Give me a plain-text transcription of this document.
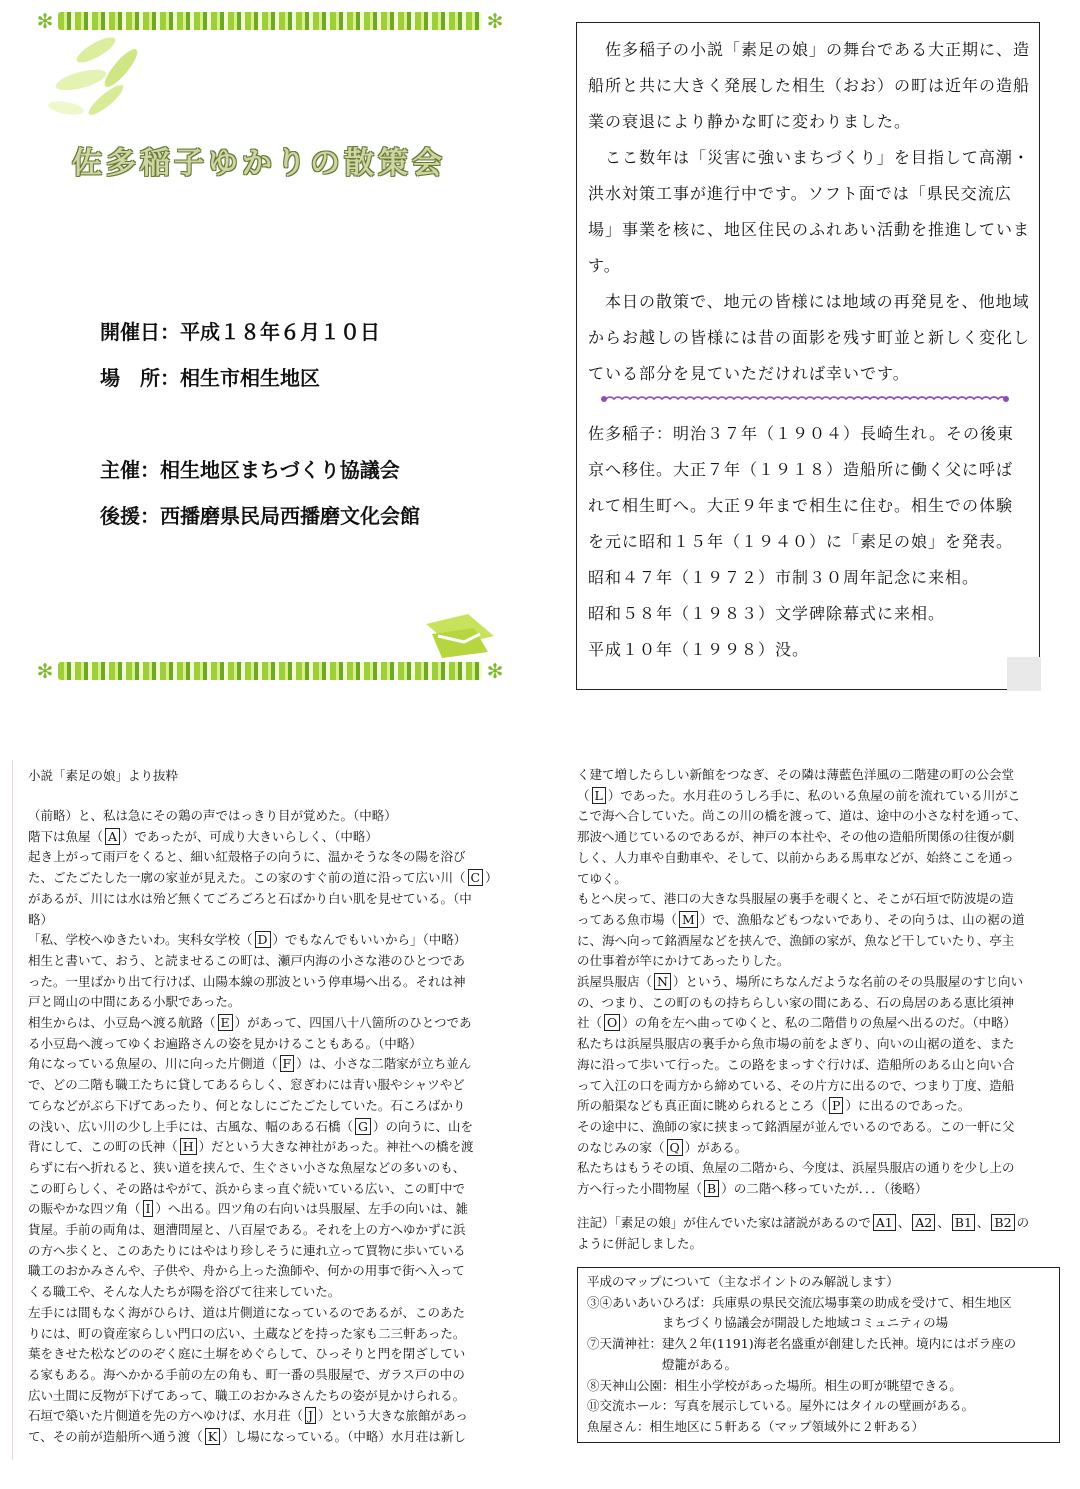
✻	✻
佐多稲子ゆかりの散策会
開催日：平成１８年６月１０日
場　所：相生市相生地区
主催：相生地区まちづくり協議会
後援：西播磨県民局西播磨文化会館
✻	✻
　佐多稲子の小説「素足の娘」の舞台である大正期に、造船所と共に大きく発展した相生（おお）の町は近年の造船業の衰退により静かな町に変わりました。
　ここ数年は「災害に強いまちづくり」を目指して高潮・洪水対策工事が進行中です。ソフト面では「県民交流広場」事業を核に、地区住民のふれあい活動を推進しています。
　本日の散策で、地元の皆様には地域の再発見を、他地域からお越しの皆様には昔の面影を残す町並と新しく変化している部分を見ていただければ幸いです。
佐多稲子：明治３７年（１９０４）長崎生れ。その後東
京へ移住。大正７年（１９１８）造船所に働く父に呼ば
れて相生町へ。大正９年まで相生に住む。相生での体験
を元に昭和１５年（１９４０）に「素足の娘」を発表。
昭和４７年（１９７２）市制３０周年記念に来相。
昭和５８年（１９８３）文学碑除幕式に来相。
平成１０年（１９９８）没。
小説「素足の娘」より抜粋
（前略）と、私は急にその鶏の声ではっきり目が覚めた。（中略）
階下は魚屋（ A ）であったが、可成り大きいらしく、（中略）
起き上がって雨戸をくると、細い紅殻格子の向うに、温かそうな冬の陽を浴び
た、ごたごたした一廓の家並が見えた。この家のすぐ前の道に沿って広い川（ C ）
があるが、川には水は殆ど無くてごろごろと石ばかり白い肌を見せている。（中
略）
「私、学校へゆきたいわ。実科女学校（ D ）でもなんでもいいから」（中略）
相生と書いて、おう、と読ませるこの町は、瀬戸内海の小さな港のひとつであ
った。一里ばかり出て行けば、山陽本線の那波という停車場へ出る。それは神
戸と岡山の中間にある小駅であった。
相生からは、小豆島へ渡る航路（ E ）があって、四国八十八箇所のひとつであ
る小豆島へ渡ってゆくお遍路さんの姿を見かけることもある。（中略）
角になっている魚屋の、川に向った片側道（ F ）は、小さな二階家が立ち並ん
で、どの二階も職工たちに貸してあるらしく、窓ぎわには青い服やシャツやど
てらなどがぶら下げてあったり、何となしにごたごたしていた。石ころばかり
の浅い、広い川の少し上手には、古風な、幅のある石橋（ G ）の向うに、山を
背にして、この町の氏神（ H ）だという大きな神社があった。神社への橋を渡
らずに右へ折れると、狭い道を挟んで、生ぐさい小さな魚屋などの多いのも、
この町らしく、その路はやがて、浜からまっ直ぐ続いている広い、この町中で
の賑やかな四ツ角（ I ）へ出る。四ツ角の右向いは呉服屋、左手の向いは、雑
貨屋。手前の両角は、廻漕問屋と、八百屋である。それを上の方へゆかずに浜
の方へ歩くと、このあたりにはやはり珍しそうに連れ立って買物に歩いている
職工のおかみさんや、子供や、舟から上った漁師や、何かの用事で街へ入って
くる職工や、そんな人たちが陽を浴びて往来していた。
左手には間もなく海がひらけ、道は片側道になっているのであるが、このあた
りには、町の資産家らしい門口の広い、土蔵などを持った家も二三軒あった。
葉をきせた松などののぞく庭に土塀をめぐらして、ひっそりと門を閉ざしてい
る家もある。海へかかる手前の左の角も、町一番の呉服屋で、ガラス戸の中の
広い土間に反物が下げてあって、職工のおかみさんたちの姿が見かけられる。
石垣で築いた片側道を先の方へゆけば、水月荘（ J ）という大きな旅館があっ
て、その前が造船所へ通う渡（ K ）し場になっている。（中略）水月荘は新し
く建て増したらしい新館をつなぎ、その隣は薄藍色洋風の二階建の町の公会堂
（ L ）であった。水月荘のうしろ手に、私のいる魚屋の前を流れている川がこ
こで海へ合していた。尚この川の橋を渡って、道は、途中の小さな村を通って、
那波へ通じているのであるが、神戸の本社や、その他の造船所関係の往復が劇
しく、人力車や自動車や、そして、以前からある馬車などが、始終ここを通っ
てゆく。
もとへ戻って、港口の大きな呉服屋の裏手を覗くと、そこが石垣で防波堤の造
ってある魚市場（ M ）で、漁船などもつないであり、その向うは、山の裾の道
に、海へ向って銘酒屋などを挟んで、漁師の家が、魚など干していたり、亭主
の仕事着が竿にかけてあったりした。
浜屋呉服店（ N ）という、場所にちなんだような名前のその呉服屋のすじ向い
の、つまり、この町のもの持ちらしい家の間にある、石の鳥居のある恵比須神
社（ O ）の角を左へ曲ってゆくと、私の二階借りの魚屋へ出るのだ。（中略）
私たちは浜屋呉服店の裏手から魚市場の前をよぎり、向いの山裾の道を、また
海に沿って歩いて行った。この路をまっすぐ行けば、造船所のある山と向い合
って入江の口を両方から締めている、その片方に出るので、つまり丁度、造船
所の船渠なども真正面に眺められるところ（ P ）に出るのであった。
その途中に、漁師の家に挟まって銘酒屋が並んでいるのである。この一軒に父
のなじみの家（ Q ）がある。
私たちはもうその頃、魚屋の二階から、今度は、浜屋呉服店の通りを少し上の
方へ行った小間物屋（ B ）の二階へ移っていたが．．．（後略）
注記）「素足の娘」が住んでいた家は諸説があるので A1 、 A2 、 B1 、 B2 の
ように併記しました。
平成のマップについて（主なポイントのみ解説します）
③④あいあいひろば：兵庫県の県民交流広場事業の助成を受けて、相生地区
　　　　　　まちづくり協議会が開設した地域コミュニティの場
⑦天満神社：建久２年(1191)海老名盛重が創建した氏神。境内にはボラ座の
　　　　　　燈籠がある。
⑧天神山公園：相生小学校があった場所。相生の町が眺望できる。
⑪交流ホール：写真を展示している。屋外にはタイルの壁画がある。
魚屋さん：相生地区に５軒ある（マップ領域外に２軒ある）
